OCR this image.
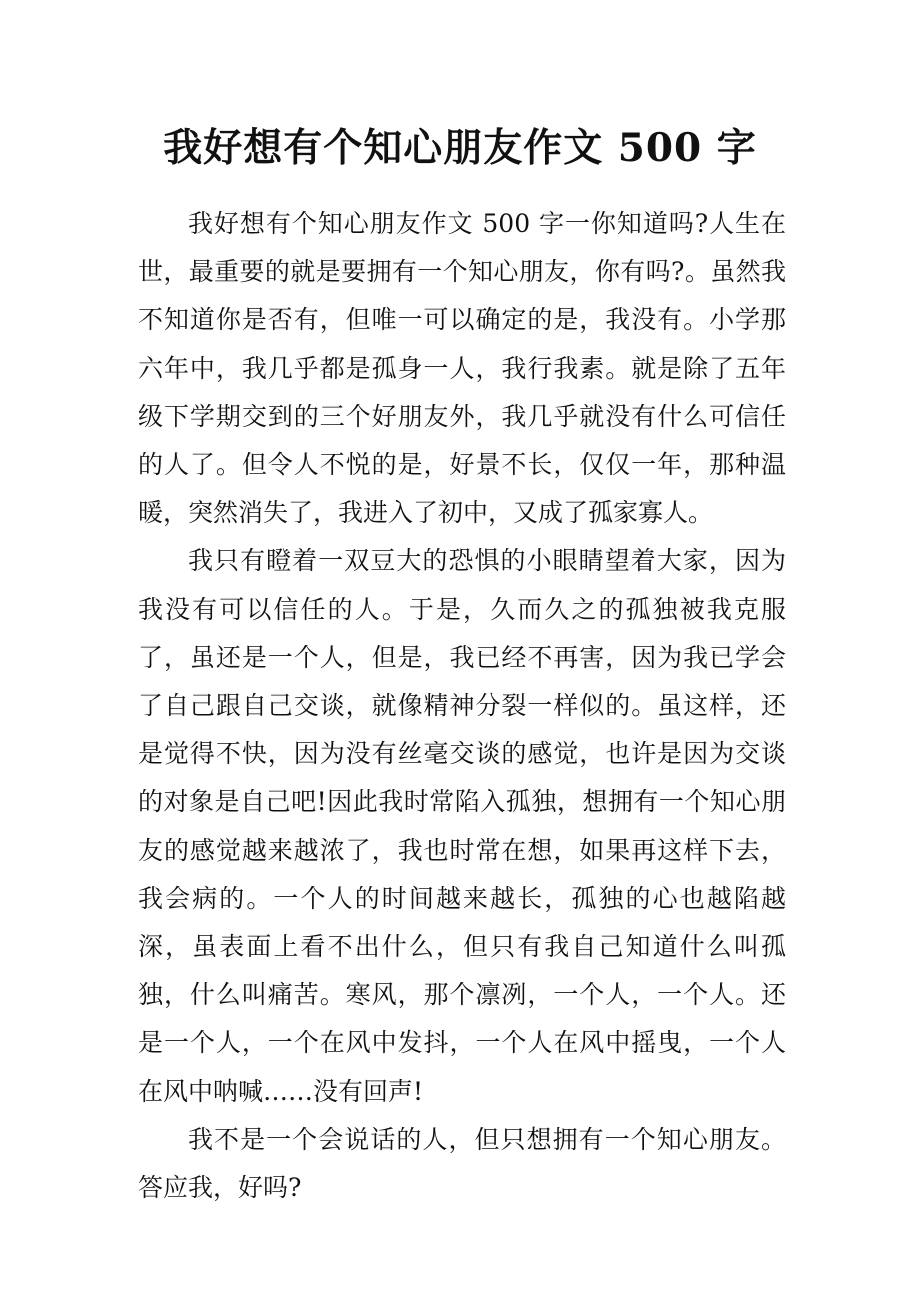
我好想有个知心朋友作文 500 字

我好想有个知心朋友作文 500 字一你知道吗?人生在世，最重要的就是要拥有一个知心朋友，你有吗?。虽然我不知道你是否有，但唯一可以确定的是，我没有。小学那六年中，我几乎都是孤身一人，我行我素。就是除了五年级下学期交到的三个好朋友外，我几乎就没有什么可信任的人了。但令人不悦的是，好景不长，仅仅一年，那种温暖，突然消失了，我进入了初中，又成了孤家寡人。

我只有瞪着一双豆大的恐惧的小眼睛望着大家，因为我没有可以信任的人。于是，久而久之的孤独被我克服了，虽还是一个人，但是，我已经不再害，因为我已学会了自己跟自己交谈，就像精神分裂一样似的。虽这样，还是觉得不快，因为没有丝毫交谈的感觉，也许是因为交谈的对象是自己吧!因此我时常陷入孤独，想拥有一个知心朋友的感觉越来越浓了，我也时常在想，如果再这样下去，我会病的。一个人的时间越来越长，孤独的心也越陷越深，虽表面上看不出什么，但只有我自己知道什么叫孤独，什么叫痛苦。寒风，那个凛冽，一个人，一个人。还是一个人，一个在风中发抖，一个人在风中摇曳，一个人在风中呐喊……没有回声!

我不是一个会说话的人，但只想拥有一个知心朋友。答应我，好吗?
